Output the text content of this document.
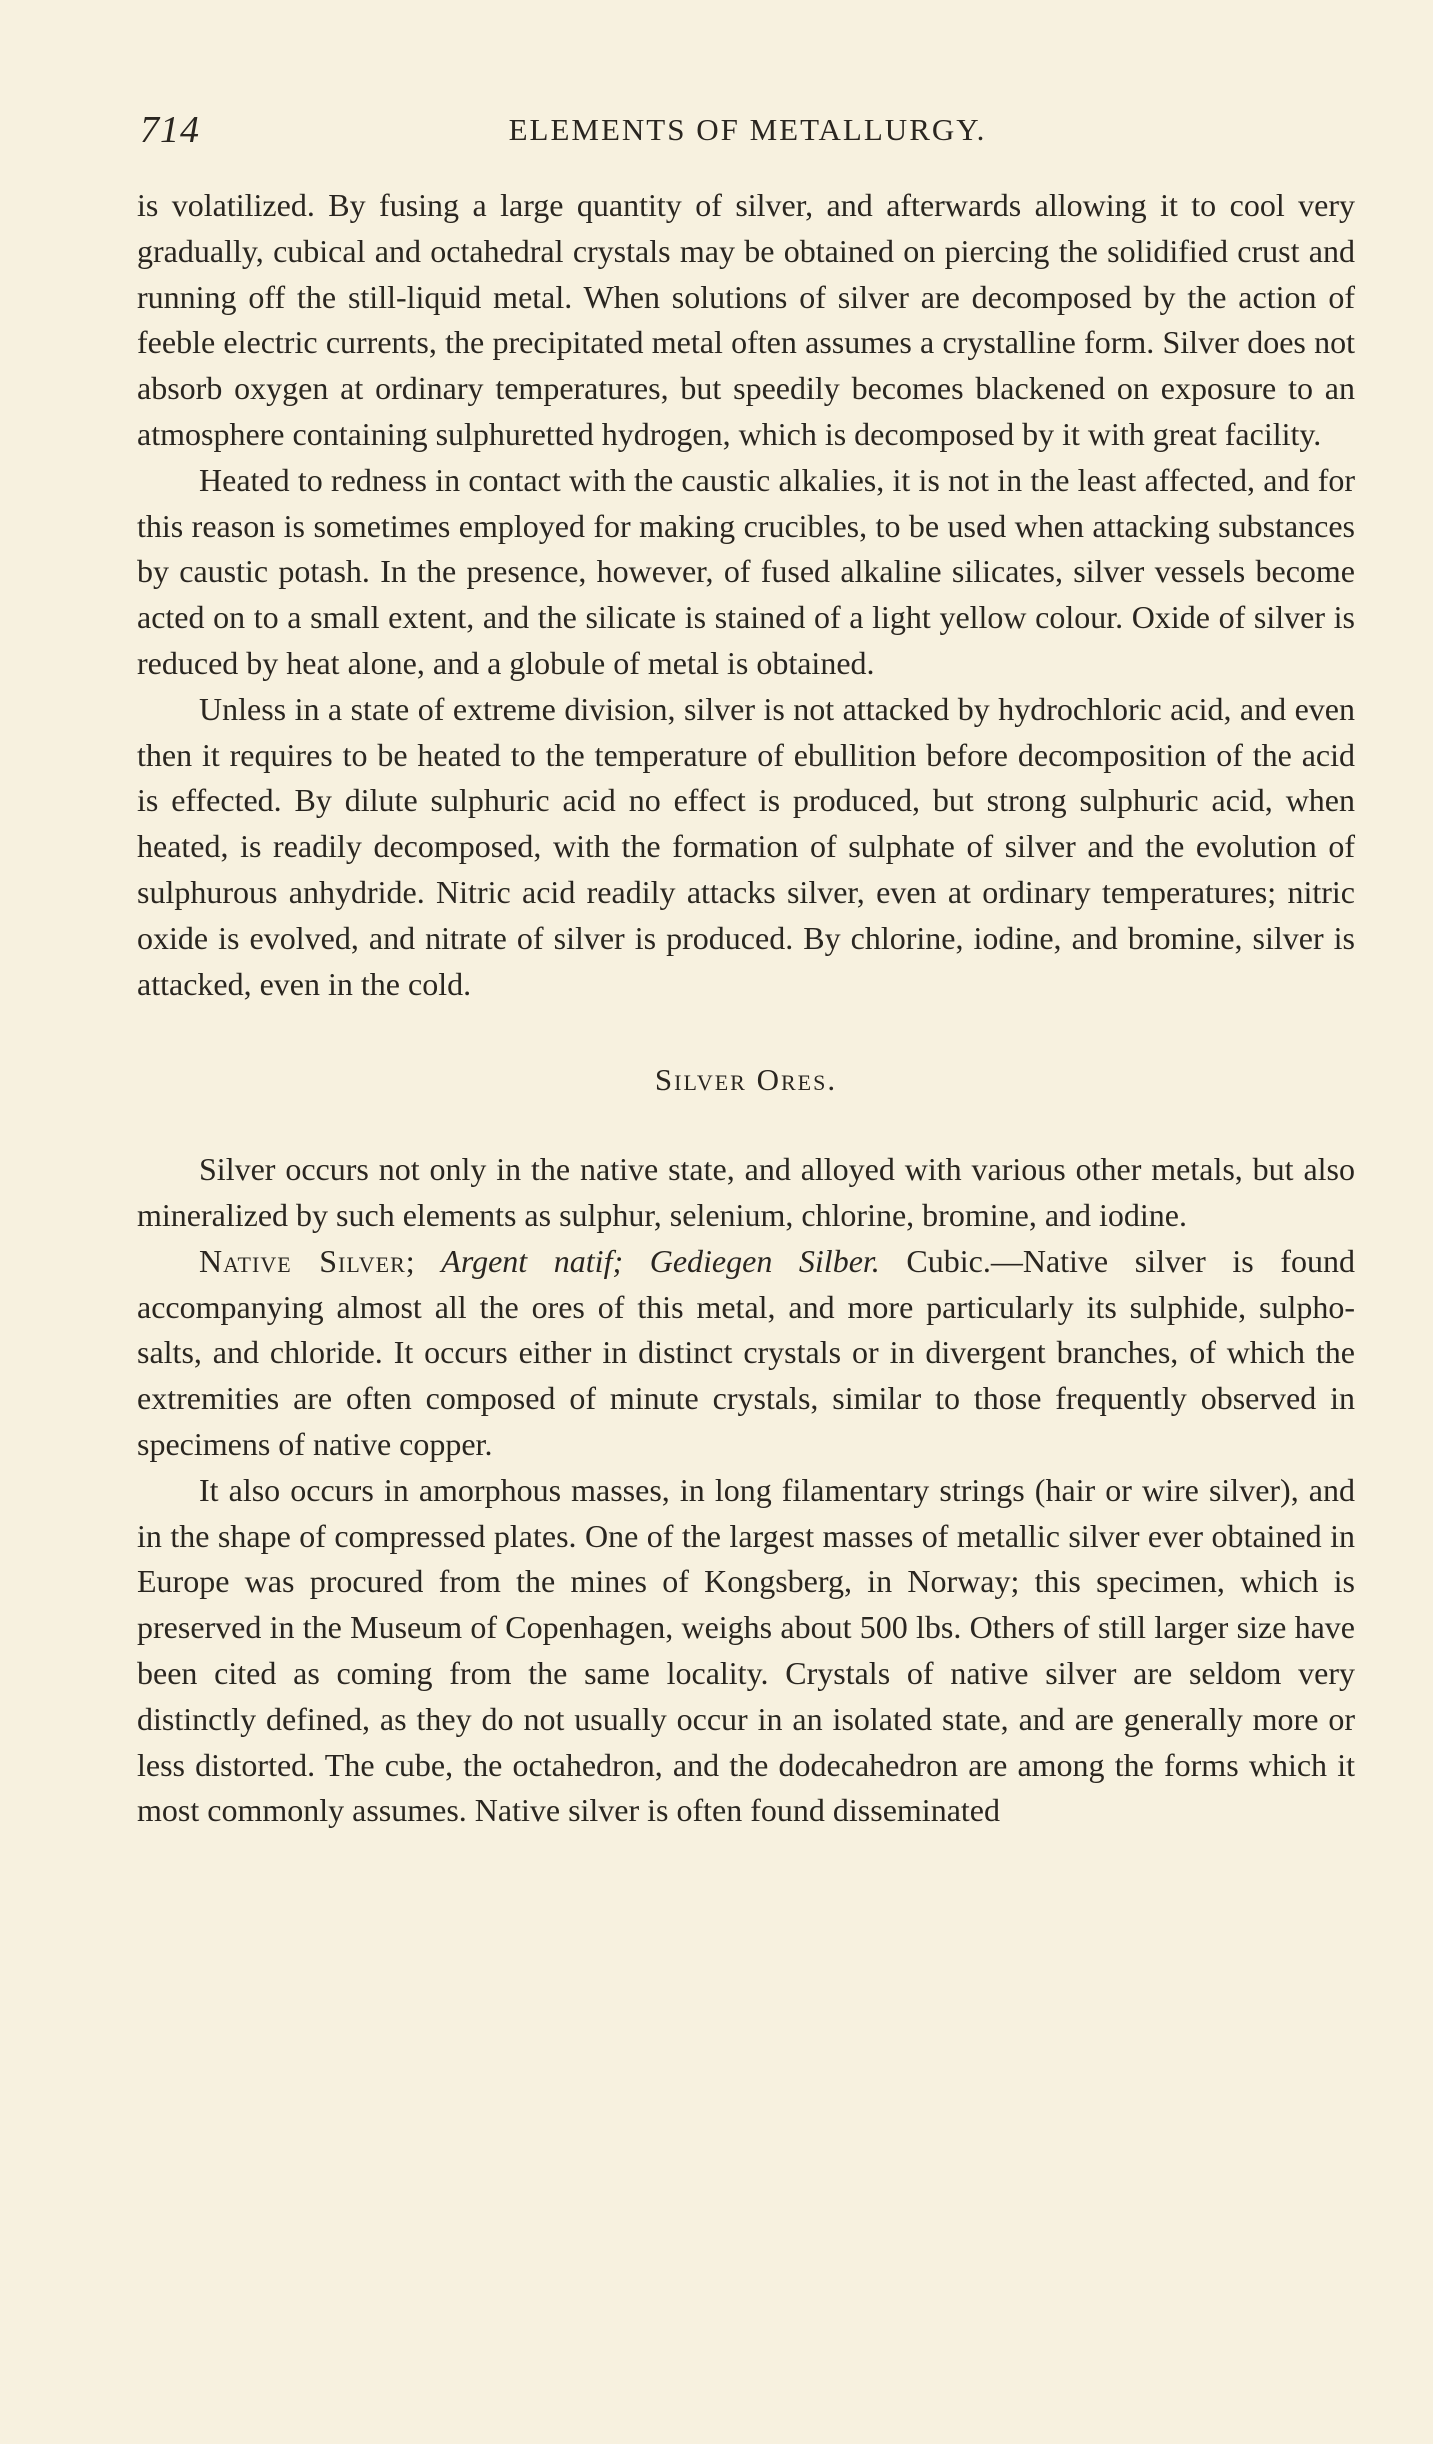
714	ELEMENTS OF METALLURGY.

is volatilized. By fusing a large quantity of silver, and afterwards allowing it to cool very gradually, cubical and octahedral crystals may be obtained on piercing the solidified crust and running off the still-liquid metal. When solutions of silver are decomposed by the action of feeble electric currents, the precipitated metal often assumes a crystalline form. Silver does not absorb oxygen at ordinary temperatures, but speedily becomes blackened on exposure to an atmosphere containing sulphuretted hydrogen, which is decomposed by it with great facility.

Heated to redness in contact with the caustic alkalies, it is not in the least affected, and for this reason is sometimes employed for making crucibles, to be used when attacking substances by caustic potash. In the presence, however, of fused alkaline silicates, silver vessels become acted on to a small extent, and the silicate is stained of a light yellow colour. Oxide of silver is reduced by heat alone, and a globule of metal is obtained.

Unless in a state of extreme division, silver is not attacked by hydrochloric acid, and even then it requires to be heated to the temperature of ebullition before decomposition of the acid is effected. By dilute sulphuric acid no effect is produced, but strong sulphuric acid, when heated, is readily decomposed, with the formation of sulphate of silver and the evolution of sulphurous anhydride. Nitric acid readily attacks silver, even at ordinary temperatures; nitric oxide is evolved, and nitrate of silver is produced. By chlorine, iodine, and bromine, silver is attacked, even in the cold.

Silver Ores.

Silver occurs not only in the native state, and alloyed with various other metals, but also mineralized by such elements as sulphur, selenium, chlorine, bromine, and iodine.

Native Silver; Argent natif; Gediegen Silber. Cubic.—Native silver is found accompanying almost all the ores of this metal, and more particularly its sulphide, sulpho-salts, and chloride. It occurs either in distinct crystals or in divergent branches, of which the extremities are often composed of minute crystals, similar to those frequently observed in specimens of native copper.

It also occurs in amorphous masses, in long filamentary strings (hair or wire silver), and in the shape of compressed plates. One of the largest masses of metallic silver ever obtained in Europe was procured from the mines of Kongsberg, in Norway; this specimen, which is preserved in the Museum of Copenhagen, weighs about 500 lbs. Others of still larger size have been cited as coming from the same locality. Crystals of native silver are seldom very distinctly defined, as they do not usually occur in an isolated state, and are generally more or less distorted. The cube, the octahedron, and the dodecahedron are among the forms which it most commonly assumes. Native silver is often found disseminated
